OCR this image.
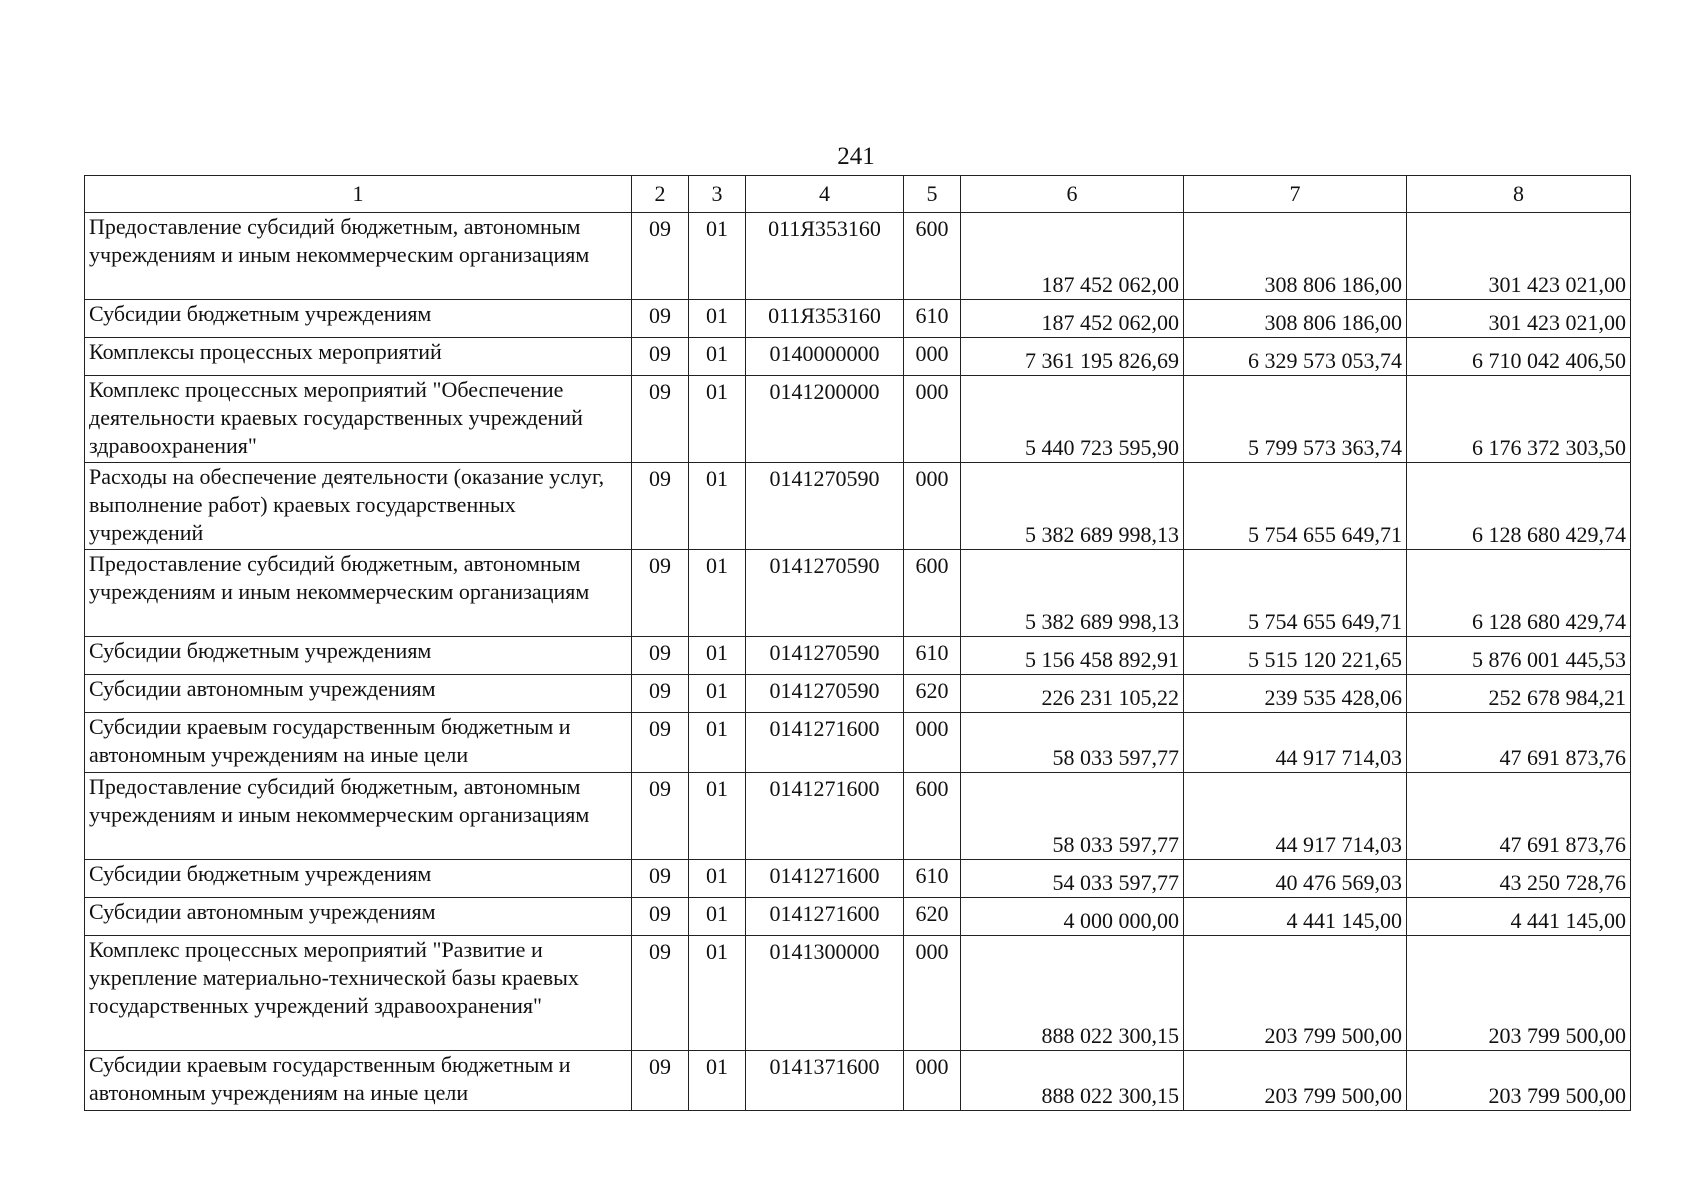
241
1	2	3	4	5	6	7	8
Предоставление субсидий бюджетным, автономным учреждениям и иным некоммерческим организациям	09	01	011Я353160	600	187 452 062,00	308 806 186,00	301 423 021,00
Субсидии бюджетным учреждениям	09	01	011Я353160	610	187 452 062,00	308 806 186,00	301 423 021,00
Комплексы процессных мероприятий	09	01	0140000000	000	7 361 195 826,69	6 329 573 053,74	6 710 042 406,50
Комплекс процессных мероприятий "Обеспечение деятельности краевых государственных учреждений здравоохранения"	09	01	0141200000	000	5 440 723 595,90	5 799 573 363,74	6 176 372 303,50
Расходы на обеспечение деятельности (оказание услуг, выполнение работ) краевых государственных учреждений	09	01	0141270590	000	5 382 689 998,13	5 754 655 649,71	6 128 680 429,74
Предоставление субсидий бюджетным, автономным учреждениям и иным некоммерческим организациям	09	01	0141270590	600	5 382 689 998,13	5 754 655 649,71	6 128 680 429,74
Субсидии бюджетным учреждениям	09	01	0141270590	610	5 156 458 892,91	5 515 120 221,65	5 876 001 445,53
Субсидии автономным учреждениям	09	01	0141270590	620	226 231 105,22	239 535 428,06	252 678 984,21
Субсидии краевым государственным бюджетным и автономным учреждениям на иные цели	09	01	0141271600	000	58 033 597,77	44 917 714,03	47 691 873,76
Предоставление субсидий бюджетным, автономным учреждениям и иным некоммерческим организациям	09	01	0141271600	600	58 033 597,77	44 917 714,03	47 691 873,76
Субсидии бюджетным учреждениям	09	01	0141271600	610	54 033 597,77	40 476 569,03	43 250 728,76
Субсидии автономным учреждениям	09	01	0141271600	620	4 000 000,00	4 441 145,00	4 441 145,00
Комплекс процессных мероприятий "Развитие и укрепление материально-технической базы краевых государственных учреждений здравоохранения"	09	01	0141300000	000	888 022 300,15	203 799 500,00	203 799 500,00
Субсидии краевым государственным бюджетным и автономным учреждениям на иные цели	09	01	0141371600	000	888 022 300,15	203 799 500,00	203 799 500,00
